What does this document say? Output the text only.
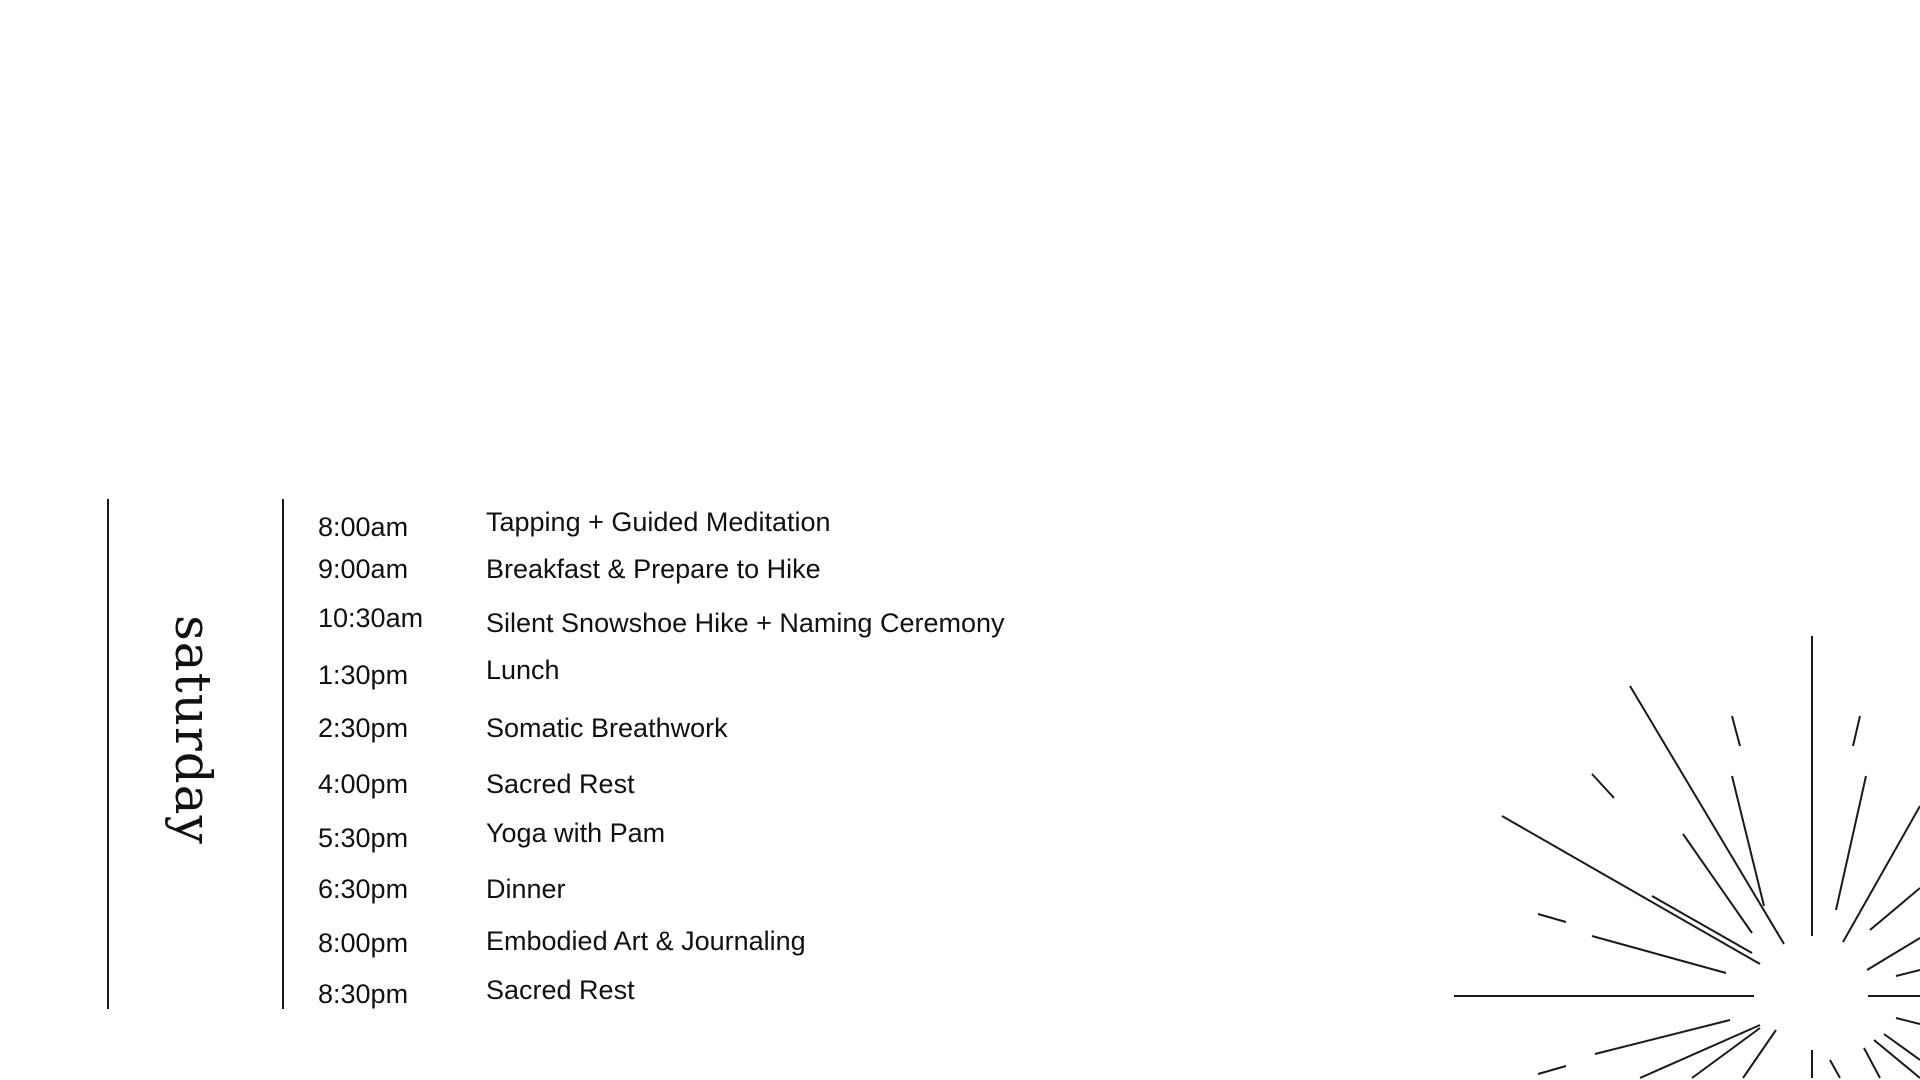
saturday
8:00am	Tapping + Guided Meditation
9:00am	Breakfast & Prepare to Hike
10:30am Silent Snowshoe Hike + Naming Ceremony
1:30pm	Lunch
2:30pm	Somatic Breathwork
4:00pm	Sacred Rest
5:30pm	Yoga with Pam
6:30pm	Dinner
8:00pm	Embodied Art & Journaling
8:30pm	Sacred Rest
